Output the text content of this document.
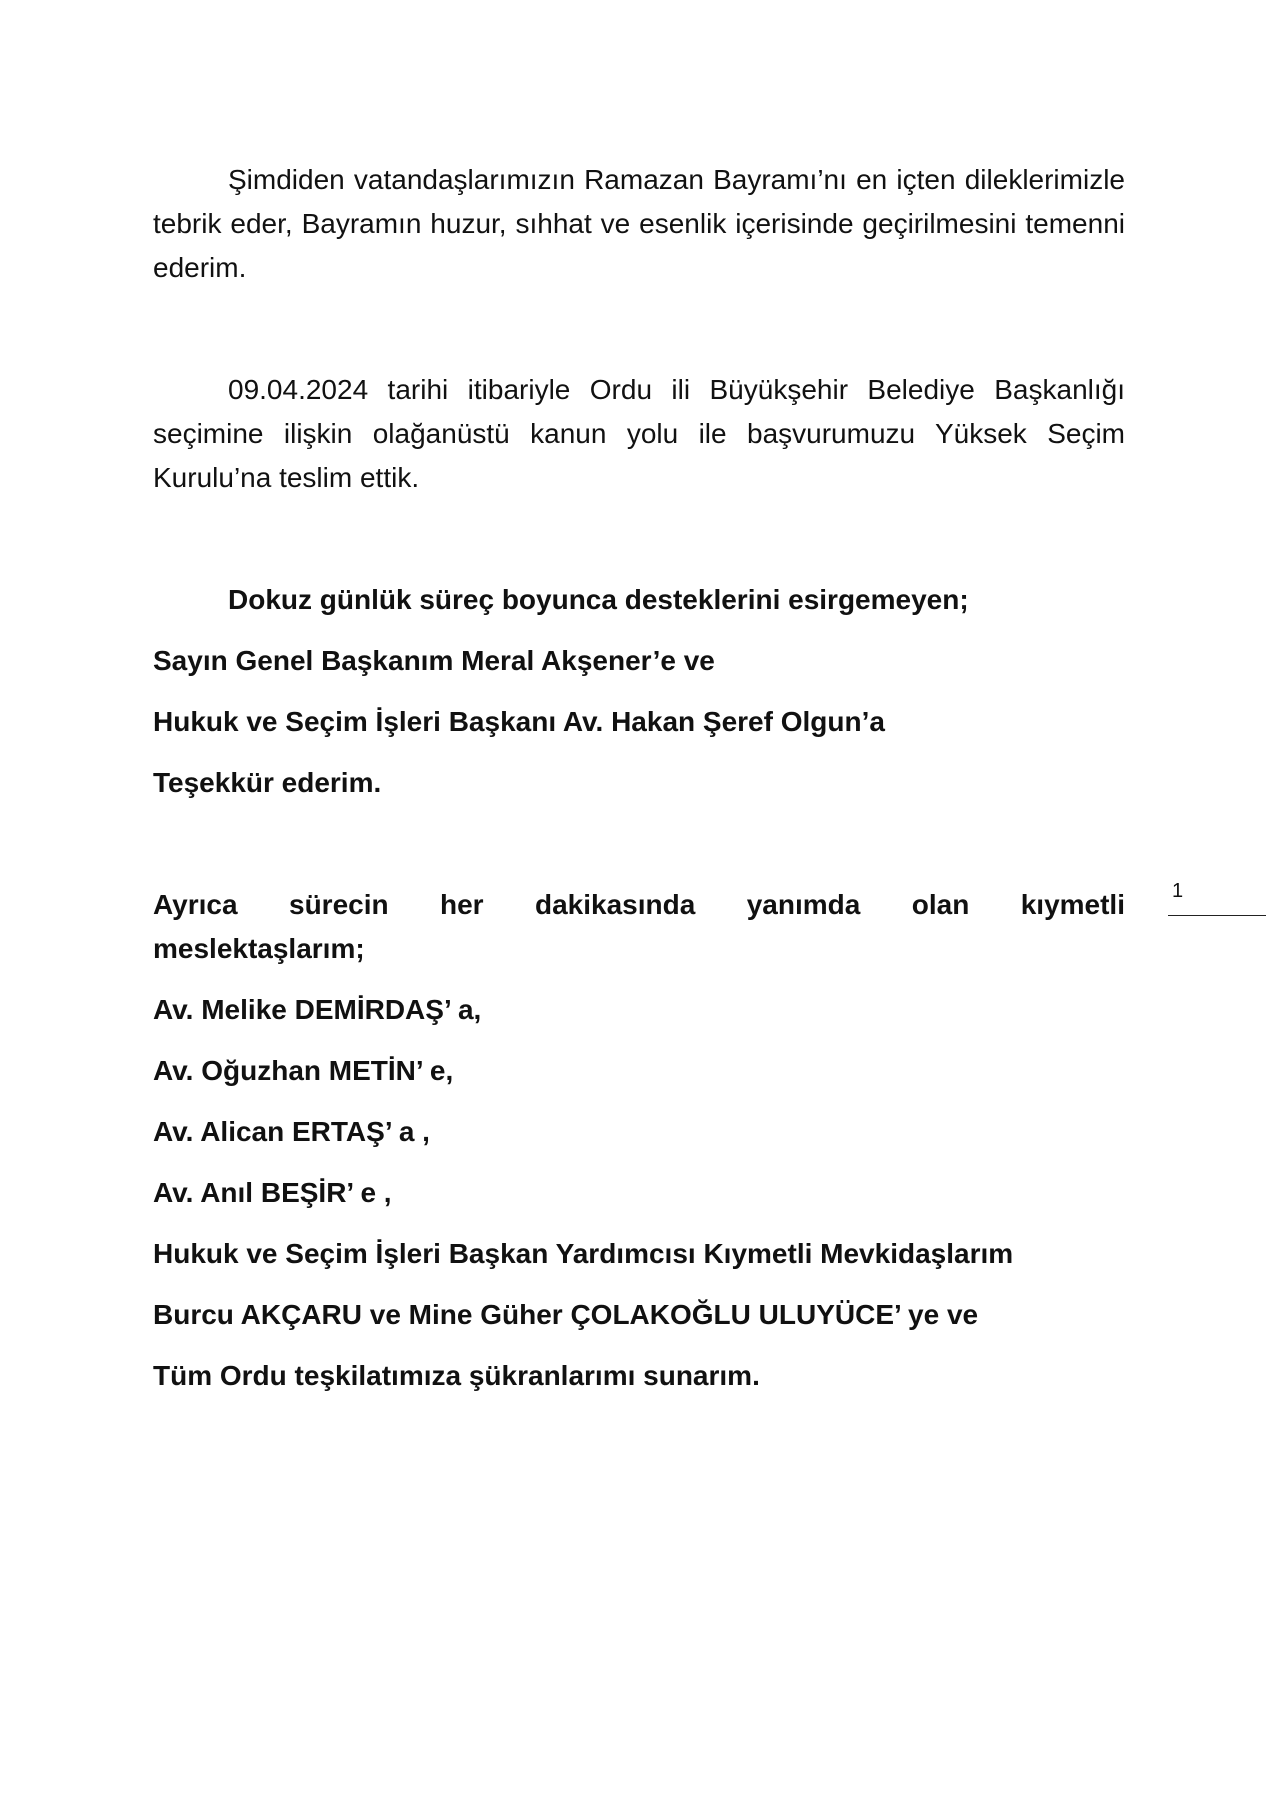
Şimdiden vatandaşlarımızın Ramazan Bayramı’nı en içten dileklerimizle tebrik eder, Bayramın huzur, sıhhat ve esenlik içerisinde geçirilmesini temenni ederim.

09.04.2024 tarihi itibariyle Ordu ili Büyükşehir Belediye Başkanlığı seçimine ilişkin olağanüstü kanun yolu ile başvurumuzu Yüksek Seçim Kurulu’na teslim ettik.

Dokuz günlük süreç boyunca desteklerini esirgemeyen;

Sayın Genel Başkanım Meral Akşener’e ve

Hukuk ve Seçim İşleri Başkanı Av. Hakan Şeref Olgun’a

Teşekkür ederim.

Ayrıca sürecin her dakikasında yanımda olan kıymetli

meslektaşlarım;

Av. Melike DEMİRDAŞ’ a,

Av. Oğuzhan METİN’ e,

Av. Alican ERTAŞ’ a ,

Av. Anıl BEŞİR’ e ,

Hukuk ve Seçim İşleri Başkan Yardımcısı Kıymetli Mevkidaşlarım

Burcu AKÇARU ve Mine Güher ÇOLAKOĞLU ULUYÜCE’ ye ve

Tüm Ordu teşkilatımıza şükranlarımı sunarım.

1
